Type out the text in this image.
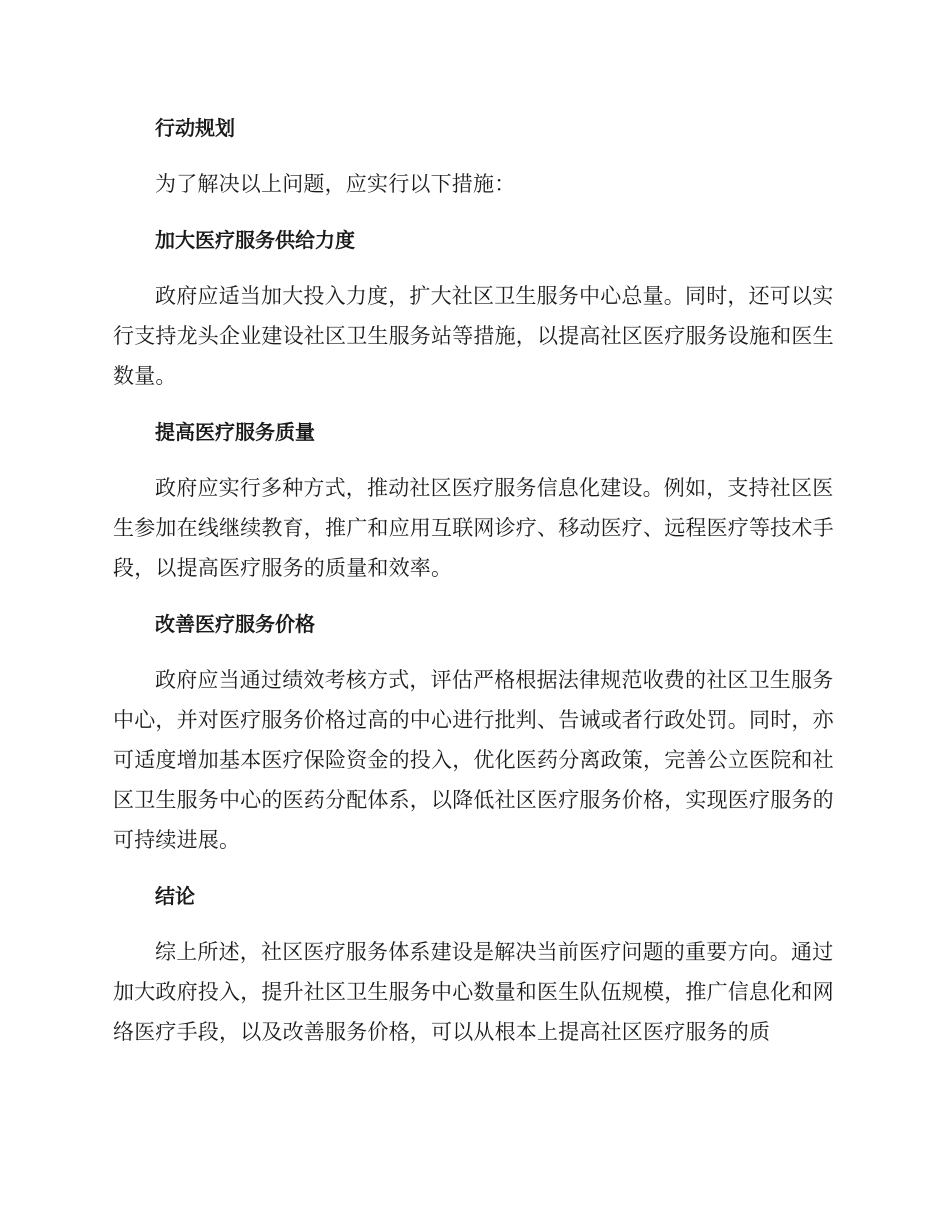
行动规划

为了解决以上问题，应实行以下措施：

加大医疗服务供给力度

政府应适当加大投入力度，扩大社区卫生服务中心总量。同时，还可以实行支持龙头企业建设社区卫生服务站等措施，以提高社区医疗服务设施和医生数量。

提高医疗服务质量

政府应实行多种方式，推动社区医疗服务信息化建设。例如，支持社区医生参加在线继续教育，推广和应用互联网诊疗、移动医疗、远程医疗等技术手段，以提高医疗服务的质量和效率。

改善医疗服务价格

政府应当通过绩效考核方式，评估严格根据法律规范收费的社区卫生服务中心，并对医疗服务价格过高的中心进行批判、告诫或者行政处罚。同时，亦可适度增加基本医疗保险资金的投入，优化医药分离政策，完善公立医院和社区卫生服务中心的医药分配体系，以降低社区医疗服务价格，实现医疗服务的可持续进展。

结论

综上所述，社区医疗服务体系建设是解决当前医疗问题的重要方向。通过加大政府投入，提升社区卫生服务中心数量和医生队伍规模，推广信息化和网络医疗手段，以及改善服务价格，可以从根本上提高社区医疗服务的质
